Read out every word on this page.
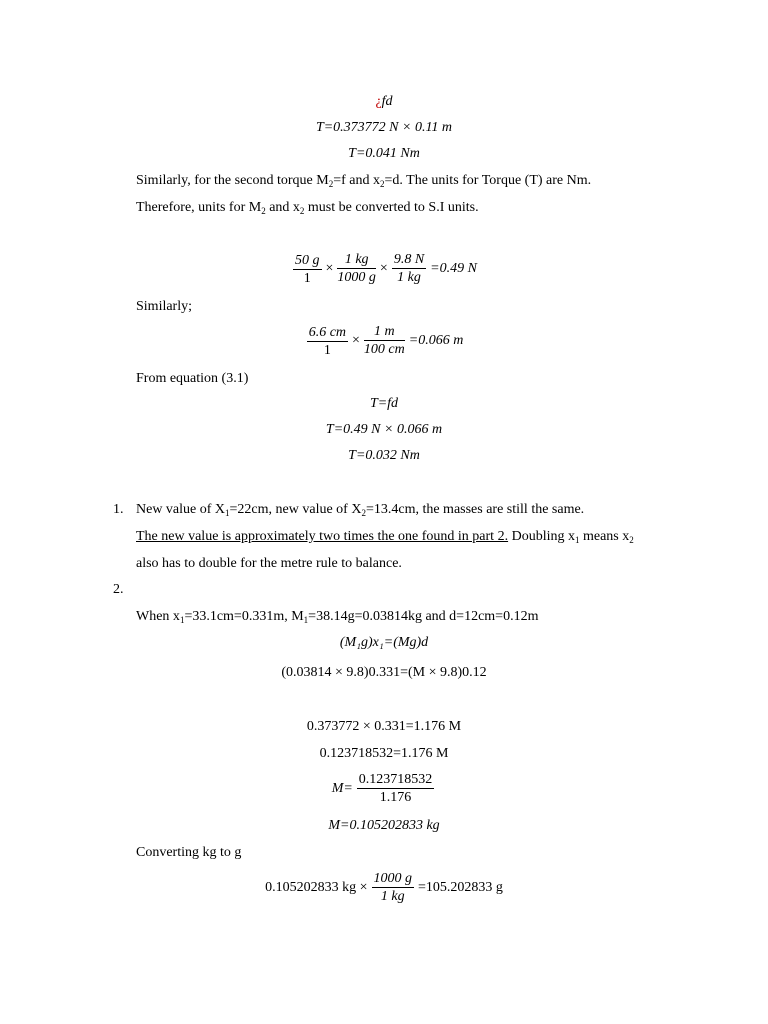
¿fd
T=0.373772 N × 0.11 m
T=0.041 Nm
Similarly, for the second torque $M_2=f$ and $x_2=d$. The units for Torque (T) are Nm.
Therefore, units for $M_2$ and $x_2$ must be converted to S.I units.
$\frac{50 g}{1} \times \frac{1 kg}{1000 g} \times \frac{9.8 N}{1 kg} =0.49$ N
Similarly;
$\frac{6.6 cm}{1} \times \frac{1 m}{100 cm} =0.066$ m
From equation (3.1)
T=fd
T=0.49 N × 0.066 m
T=0.032 Nm
1. New value of $X_1=22cm$, new value of $X_2=13.4cm$, the masses are still the same.
The new value is approximately two times the one found in part 2. Doubling $x_1$ means $x_2$
also has to double for the metre rule to balance.
2.
When $x_1=33.1cm=0.331m$, $M_1=38.14g=0.03814kg$ and d=12cm=0.12m
(M₁g)x₁=(Mg)d
(0.03814 × 9.8)0.331=(M × 9.8)0.12
0.373772 × 0.331=1.176 M
0.123718532=1.176 M
$M= \frac{0.123718532}{1.176}$
M=0.105202833 kg
Converting kg to g
0.105202833 kg × $\frac{1000 g}{1 kg} =105.202833$ g
